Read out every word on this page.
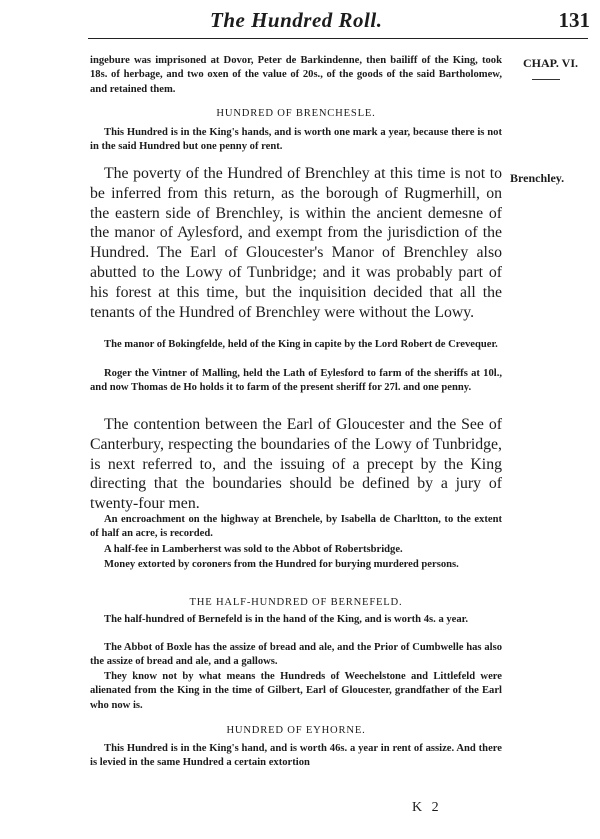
The Hundred Roll.	131
CHAP. VI.
Brenchley.

ingebure was imprisoned at Dovor, Peter de Barkindenne, then bailiff of the King, took 18s. of herbage, and two oxen of the value of 20s., of the goods of the said Bartholomew, and retained them.

HUNDRED OF BRENCHESLE.

This Hundred is in the King's hands, and is worth one mark a year, because there is not in the said Hundred but one penny of rent.

The poverty of the Hundred of Brenchley at this time is not to be inferred from this return, as the borough of Rugmerhill, on the eastern side of Brenchley, is within the ancient demesne of the manor of Aylesford, and exempt from the jurisdiction of the Hundred. The Earl of Gloucester's Manor of Brenchley also abutted to the Lowy of Tunbridge; and it was probably part of his forest at this time, but the inquisition decided that all the tenants of the Hundred of Brenchley were without the Lowy.

The manor of Bokingfelde, held of the King in capite by the Lord Robert de Crevequer.

Roger the Vintner of Malling, held the Lath of Eylesford to farm of the sheriffs at 10l., and now Thomas de Ho holds it to farm of the present sheriff for 27l. and one penny.

The contention between the Earl of Gloucester and the See of Canterbury, respecting the boundaries of the Lowy of Tunbridge, is next referred to, and the issuing of a precept by the King directing that the boundaries should be defined by a jury of twenty-four men.

An encroachment on the highway at Brenchele, by Isabella de Charltton, to the extent of half an acre, is recorded.

A half-fee in Lamberherst was sold to the Abbot of Robertsbridge.

Money extorted by coroners from the Hundred for burying murdered persons.

THE HALF-HUNDRED OF BERNEFELD.

The half-hundred of Bernefeld is in the hand of the King, and is worth 4s. a year.

The Abbot of Boxle has the assize of bread and ale, and the Prior of Cumbwelle has also the assize of bread and ale, and a gallows.

They know not by what means the Hundreds of Weechelstone and Littlefeld were alienated from the King in the time of Gilbert, Earl of Gloucester, grandfather of the Earl who now is.

HUNDRED OF EYHORNE.

This Hundred is in the King's hand, and is worth 46s. a year in rent of assize. And there is levied in the same Hundred a certain extortion

K 2
